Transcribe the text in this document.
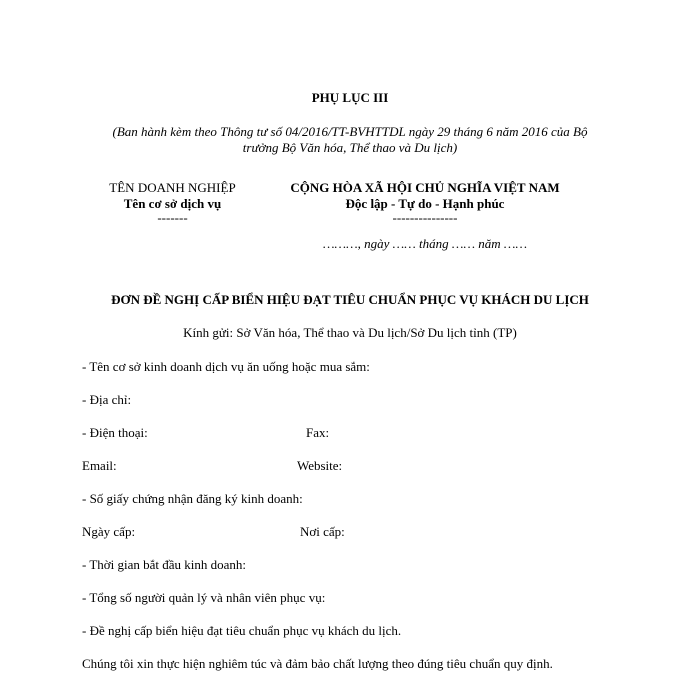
PHỤ LỤC III
(Ban hành kèm theo Thông tư số 04/2016/TT-BVHTTDL ngày 29 tháng 6 năm 2016 của Bộ trưởng Bộ Văn hóa, Thể thao và Du lịch)
TÊN DOANH NGHIỆP
Tên cơ sở dịch vụ
-------
CỘNG HÒA XÃ HỘI CHỦ NGHĨA VIỆT NAM
Độc lập - Tự do - Hạnh phúc
---------------
………, ngày …… tháng …… năm ……
ĐƠN ĐỀ NGHỊ CẤP BIỂN HIỆU ĐẠT TIÊU CHUẨN PHỤC VỤ KHÁCH DU LỊCH
Kính gửi: Sở Văn hóa, Thể thao và Du lịch/Sở Du lịch tỉnh (TP)
- Tên cơ sở kinh doanh dịch vụ ăn uống hoặc mua sắm:
- Địa chỉ:
- Điện thoại:	Fax:
Email:	Website:
- Số giấy chứng nhận đăng ký kinh doanh:
Ngày cấp:	Nơi cấp:
- Thời gian bắt đầu kinh doanh:
- Tổng số người quản lý và nhân viên phục vụ:
- Đề nghị cấp biển hiệu đạt tiêu chuẩn phục vụ khách du lịch.
Chúng tôi xin thực hiện nghiêm túc và đảm bảo chất lượng theo đúng tiêu chuẩn quy định.
